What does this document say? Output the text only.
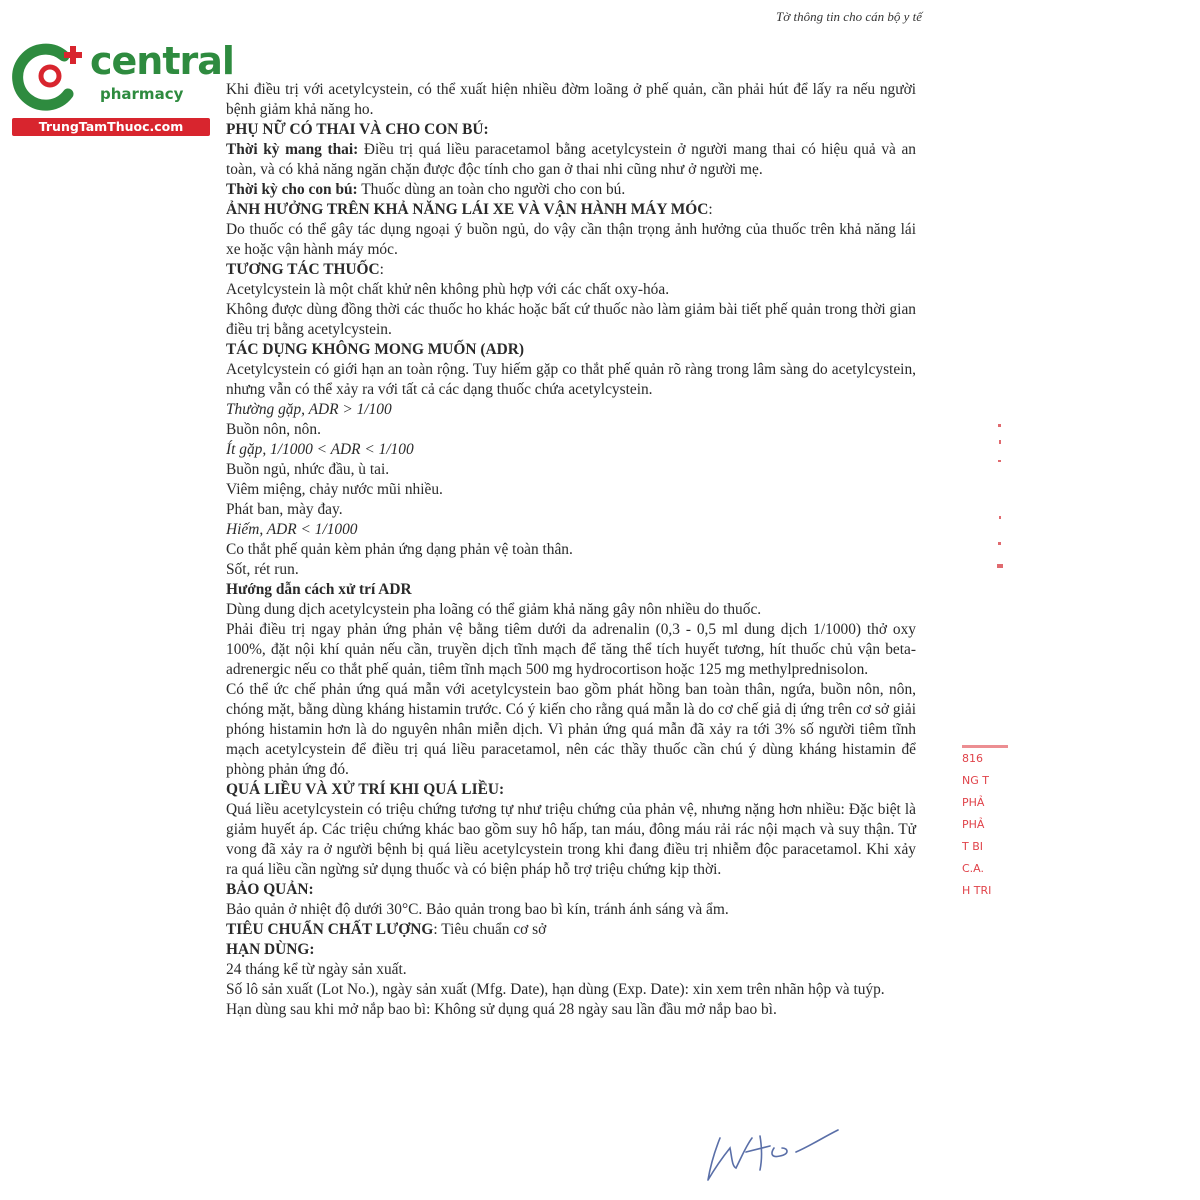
Tờ thông tin cho cán bộ y tế
central
pharmacy
TrungTamThuoc.com

Khi điều trị với acetylcystein, có thể xuất hiện nhiều đờm loãng ở phế quản, cần phải hút để lấy ra nếu người bệnh giảm khả năng ho.

PHỤ NỮ CÓ THAI VÀ CHO CON BÚ:

Thời kỳ mang thai: Điều trị quá liều paracetamol bằng acetylcystein ở người mang thai có hiệu quả và an toàn, và có khả năng ngăn chặn được độc tính cho gan ở thai nhi cũng như ở người mẹ.

Thời kỳ cho con bú: Thuốc dùng an toàn cho người cho con bú.

ẢNH HƯỞNG TRÊN KHẢ NĂNG LÁI XE VÀ VẬN HÀNH MÁY MÓC:

Do thuốc có thể gây tác dụng ngoại ý buồn ngủ, do vậy cần thận trọng ảnh hưởng của thuốc trên khả năng lái xe hoặc vận hành máy móc.

TƯƠNG TÁC THUỐC:

Acetylcystein là một chất khử nên không phù hợp với các chất oxy-hóa.

Không được dùng đồng thời các thuốc ho khác hoặc bất cứ thuốc nào làm giảm bài tiết phế quản trong thời gian điều trị bằng acetylcystein.

TÁC DỤNG KHÔNG MONG MUỐN (ADR)

Acetylcystein có giới hạn an toàn rộng. Tuy hiếm gặp co thắt phế quản rõ ràng trong lâm sàng do acetylcystein, nhưng vẫn có thể xảy ra với tất cả các dạng thuốc chứa acetylcystein.

Thường gặp, ADR > 1/100

Buồn nôn, nôn.

Ít gặp, 1/1000 < ADR < 1/100

Buồn ngủ, nhức đầu, ù tai.

Viêm miệng, chảy nước mũi nhiều.

Phát ban, mày đay.

Hiếm, ADR < 1/1000

Co thắt phế quản kèm phản ứng dạng phản vệ toàn thân.

Sốt, rét run.

Hướng dẫn cách xử trí ADR

Dùng dung dịch acetylcystein pha loãng có thể giảm khả năng gây nôn nhiều do thuốc.

Phải điều trị ngay phản ứng phản vệ bằng tiêm dưới da adrenalin (0,3 - 0,5 ml dung dịch 1/1000) thở oxy 100%, đặt nội khí quản nếu cần, truyền dịch tĩnh mạch để tăng thể tích huyết tương, hít thuốc chủ vận beta-adrenergic nếu co thắt phế quản, tiêm tĩnh mạch 500 mg hydrocortison hoặc 125 mg methylprednisolon.

Có thể ức chế phản ứng quá mẫn với acetylcystein bao gồm phát hồng ban toàn thân, ngứa, buồn nôn, nôn, chóng mặt, bằng dùng kháng histamin trước. Có ý kiến cho rằng quá mẫn là do cơ chế giả dị ứng trên cơ sở giải phóng histamin hơn là do nguyên nhân miễn dịch. Vì phản ứng quá mẫn đã xảy ra tới 3% số người tiêm tĩnh mạch acetylcystein để điều trị quá liều paracetamol, nên các thầy thuốc cần chú ý dùng kháng histamin để phòng phản ứng đó.

QUÁ LIỀU VÀ XỬ TRÍ KHI QUÁ LIỀU:

Quá liều acetylcystein có triệu chứng tương tự như triệu chứng của phản vệ, nhưng nặng hơn nhiều: Đặc biệt là giảm huyết áp. Các triệu chứng khác bao gồm suy hô hấp, tan máu, đông máu rải rác nội mạch và suy thận. Tử vong đã xảy ra ở người bệnh bị quá liều acetylcystein trong khi đang điều trị nhiễm độc paracetamol. Khi xảy ra quá liều cần ngừng sử dụng thuốc và có biện pháp hỗ trợ triệu chứng kịp thời.

BẢO QUẢN:

Bảo quản ở nhiệt độ dưới 30°C. Bảo quản trong bao bì kín, tránh ánh sáng và ẩm.

TIÊU CHUẨN CHẤT LƯỢNG: Tiêu chuẩn cơ sở

HẠN DÙNG:

24 tháng kể từ ngày sản xuất.

Số lô sản xuất (Lot No.), ngày sản xuất (Mfg. Date), hạn dùng (Exp. Date): xin xem trên nhãn hộp và tuýp.

Hạn dùng sau khi mở nắp bao bì: Không sử dụng quá 28 ngày sau lần đầu mở nắp bao bì.

816
NG T
PHẢ
PHẢ
T BI
C.A.
H TRI
